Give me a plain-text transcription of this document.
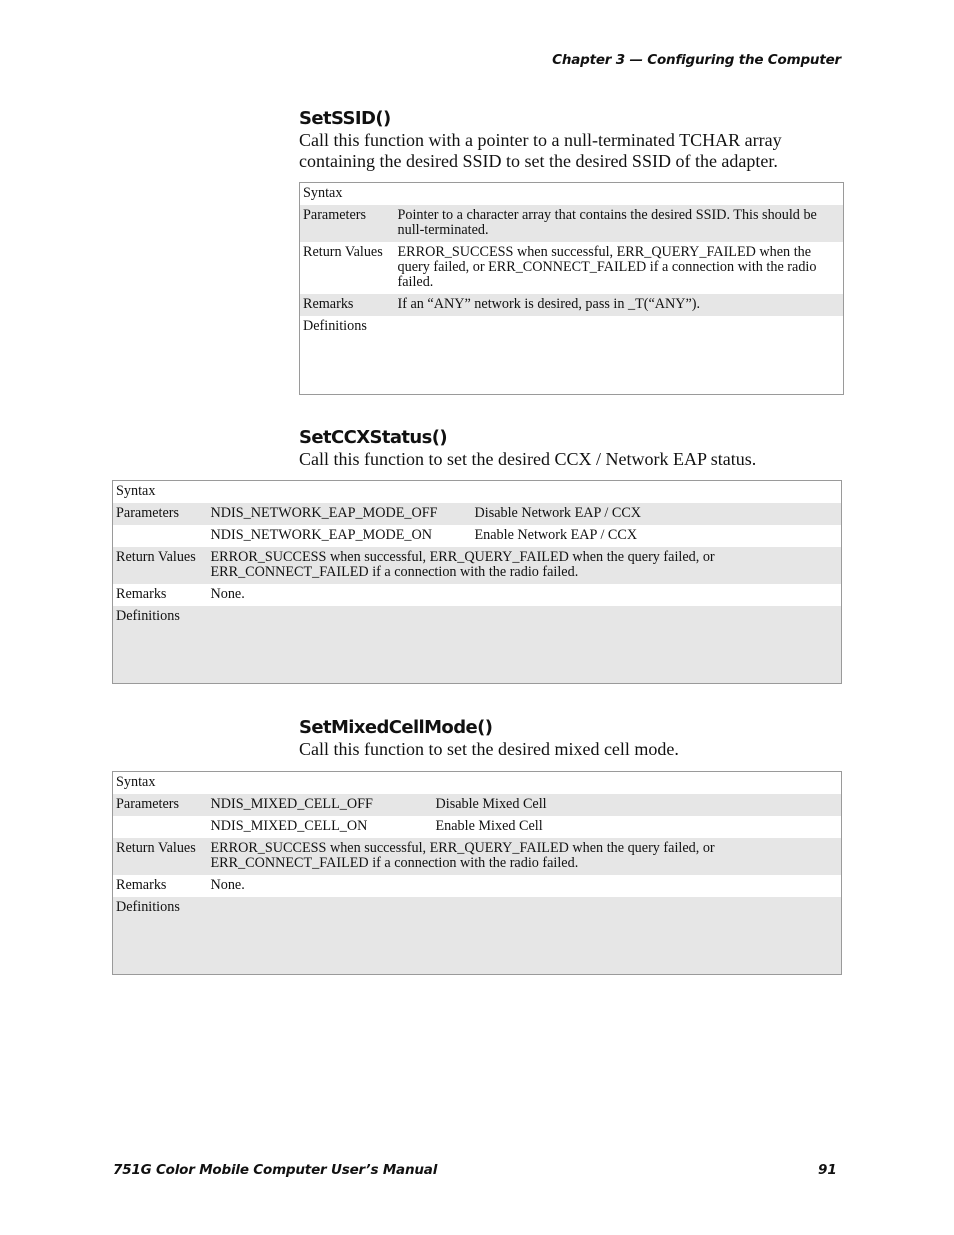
Chapter 3 — Configuring the Computer
SetSSID()

Call this function with a pointer to a null-terminated TCHAR array containing the desired SSID to set the desired SSID of the adapter.

Syntax	
Parameters	Pointer to a character array that contains the desired SSID. This should be null-terminated.
Return Values	ERROR_SUCCESS when successful, ERR_QUERY_FAILED when the query failed, or ERR_CONNECT_FAILED if a connection with the radio failed.
Remarks	If an “ANY” network is desired, pass in _T(“ANY”).
Definitions	
SetCCXStatus()

Call this function to set the desired CCX / Network EAP status.

Syntax		
Parameters	NDIS_NETWORK_EAP_MODE_OFF	Disable Network EAP / CCX
	NDIS_NETWORK_EAP_MODE_ON	Enable Network EAP / CCX
Return Values	ERROR_SUCCESS when successful, ERR_QUERY_FAILED when the query failed, or ERR_CONNECT_FAILED if a connection with the radio failed.	
Remarks	None.	
Definitions		
SetMixedCellMode()

Call this function to set the desired mixed cell mode.

Syntax		
Parameters	NDIS_MIXED_CELL_OFF	Disable Mixed Cell
	NDIS_MIXED_CELL_ON	Enable Mixed Cell
Return Values	ERROR_SUCCESS when successful, ERR_QUERY_FAILED when the query failed, or ERR_CONNECT_FAILED if a connection with the radio failed.	
Remarks	None.	
Definitions		
751G Color Mobile Computer User’s Manual	91
